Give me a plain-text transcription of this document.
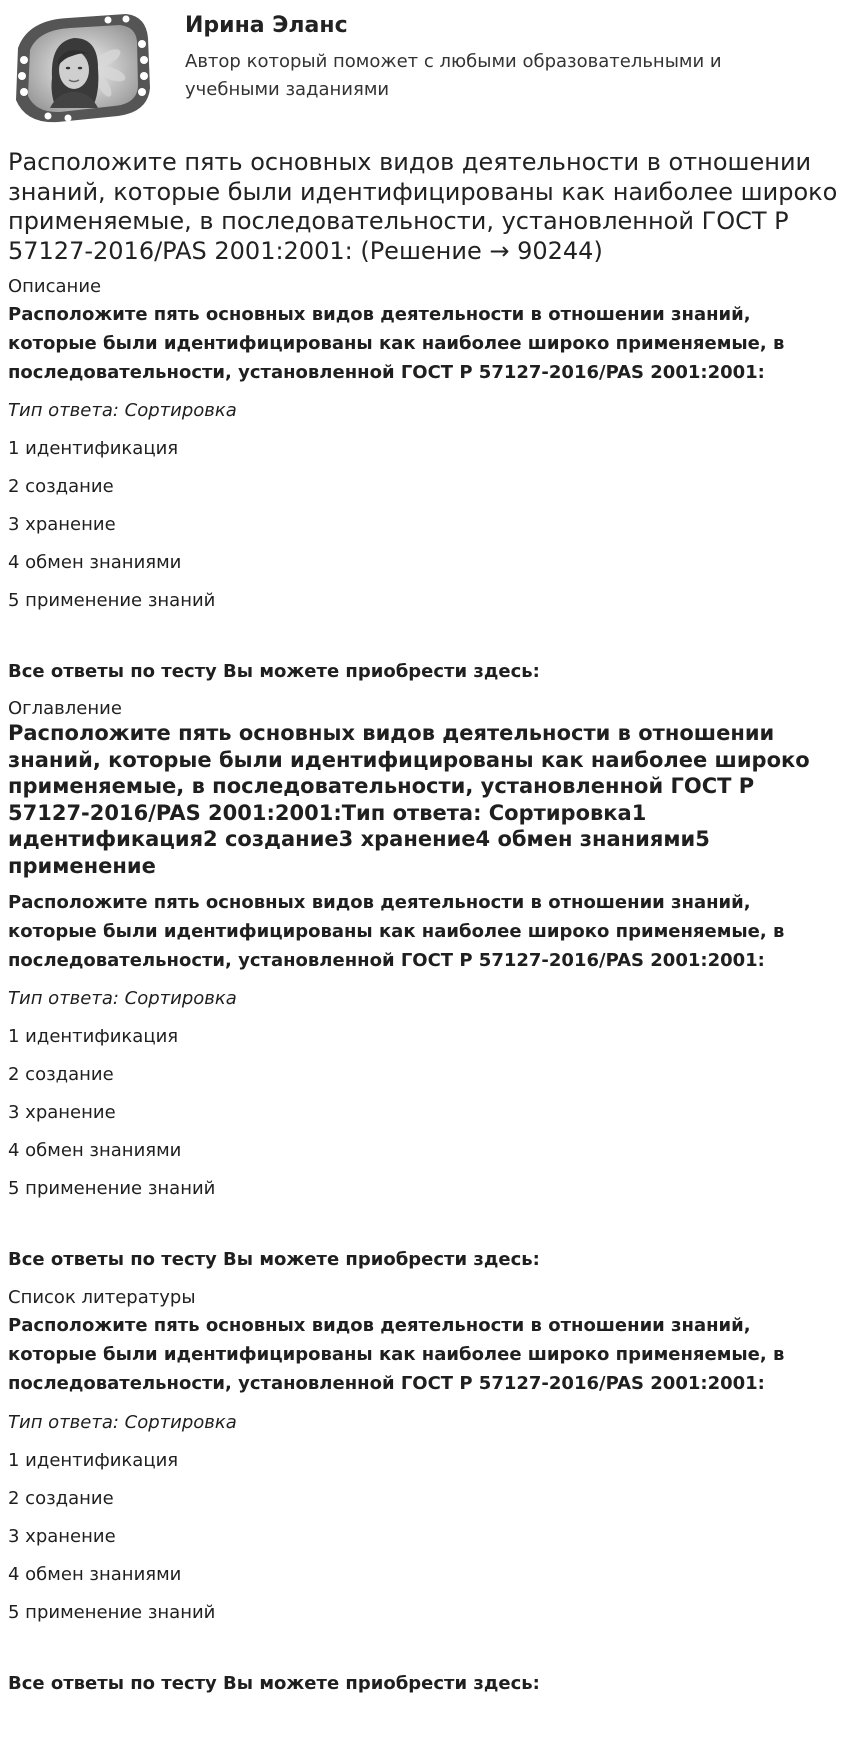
Ирина Эланс

Автор который поможет с любыми образовательными и учебными заданиями

Расположите пять основных видов деятельности в отношении знаний, которые были идентифицированы как наиболее широко применяемые, в последовательности, установленной ГОСТ Р 57127-2016/PAS 2001:2001: (Решение → 90244)

Описание

Расположите пять основных видов деятельности в отношении знаний, которые были идентифицированы как наиболее широко применяемые, в последовательности, установленной ГОСТ Р 57127-2016/PAS 2001:2001:

Тип ответа: Сортировка

1 идентификация

2 создание

3 хранение

4 обмен знаниями

5 применение знаний

Все ответы по тесту Вы можете приобрести здесь:

Оглавление

Расположите пять основных видов деятельности в отношении знаний, которые были идентифицированы как наиболее широко применяемые, в последовательности, установленной ГОСТ Р 57127-2016/PAS 2001:2001:Тип ответа: Сортировка1 идентификация2 создание3 хранение4 обмен знаниями5 применение

Расположите пять основных видов деятельности в отношении знаний, которые были идентифицированы как наиболее широко применяемые, в последовательности, установленной ГОСТ Р 57127-2016/PAS 2001:2001:

Тип ответа: Сортировка

1 идентификация

2 создание

3 хранение

4 обмен знаниями

5 применение знаний

Все ответы по тесту Вы можете приобрести здесь:

Список литературы

Расположите пять основных видов деятельности в отношении знаний, которые были идентифицированы как наиболее широко применяемые, в последовательности, установленной ГОСТ Р 57127-2016/PAS 2001:2001:

Тип ответа: Сортировка

1 идентификация

2 создание

3 хранение

4 обмен знаниями

5 применение знаний

Все ответы по тесту Вы можете приобрести здесь:
